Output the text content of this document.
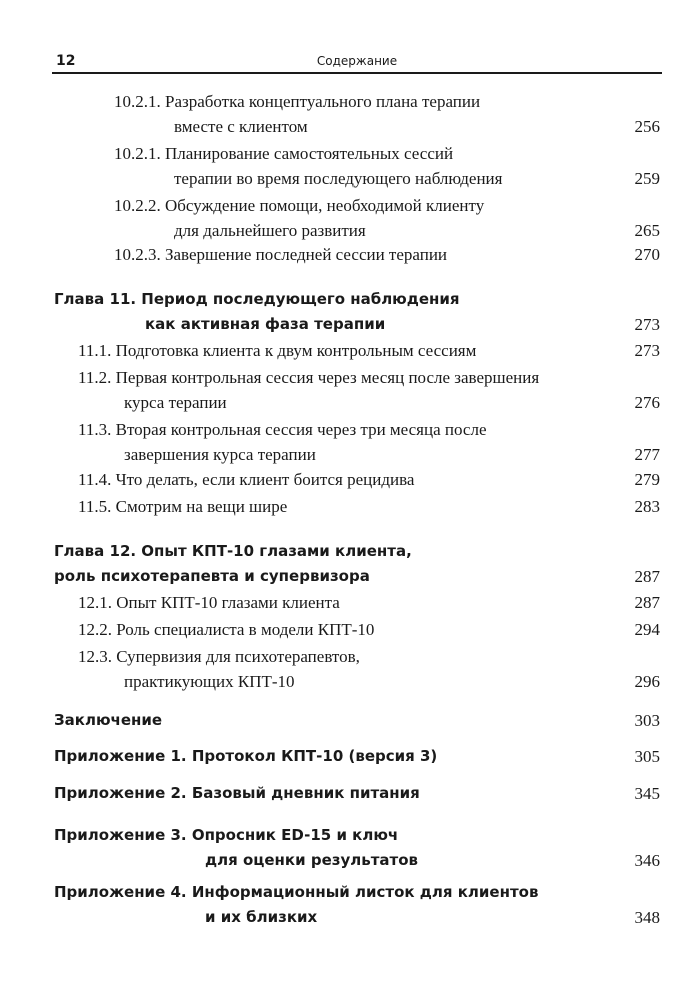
12	Содержание
10.2.1. Разработка концептуального плана терапии
вместе с клиентом	256
10.2.1. Планирование самостоятельных сессий
терапии во время последующего наблюдения	259
10.2.2. Обсуждение помощи, необходимой клиенту
для дальнейшего развития	265
10.2.3. Завершение последней сессии терапии	270
Глава 11. Период последующего наблюдения
как активная фаза терапии	273
11.1. Подготовка клиента к двум контрольным сессиям	273
11.2. Первая контрольная сессия через месяц после завершения
курса терапии	276
11.3. Вторая контрольная сессия через три месяца после
завершения курса терапии	277
11.4. Что делать, если клиент боится рецидива	279
11.5. Смотрим на вещи шире	283
Глава 12. Опыт КПТ-10 глазами клиента,
роль психотерапевта и супервизора	287
12.1. Опыт КПТ-10 глазами клиента	287
12.2. Роль специалиста в модели КПТ-10	294
12.3. Супервизия для психотерапевтов,
практикующих КПТ-10	296
Заключение	303
Приложение 1. Протокол КПТ-10 (версия 3)	305
Приложение 2. Базовый дневник питания	345
Приложение 3. Опросник ED-15 и ключ
для оценки результатов	346
Приложение 4. Информационный листок для клиентов
и их близких	348
